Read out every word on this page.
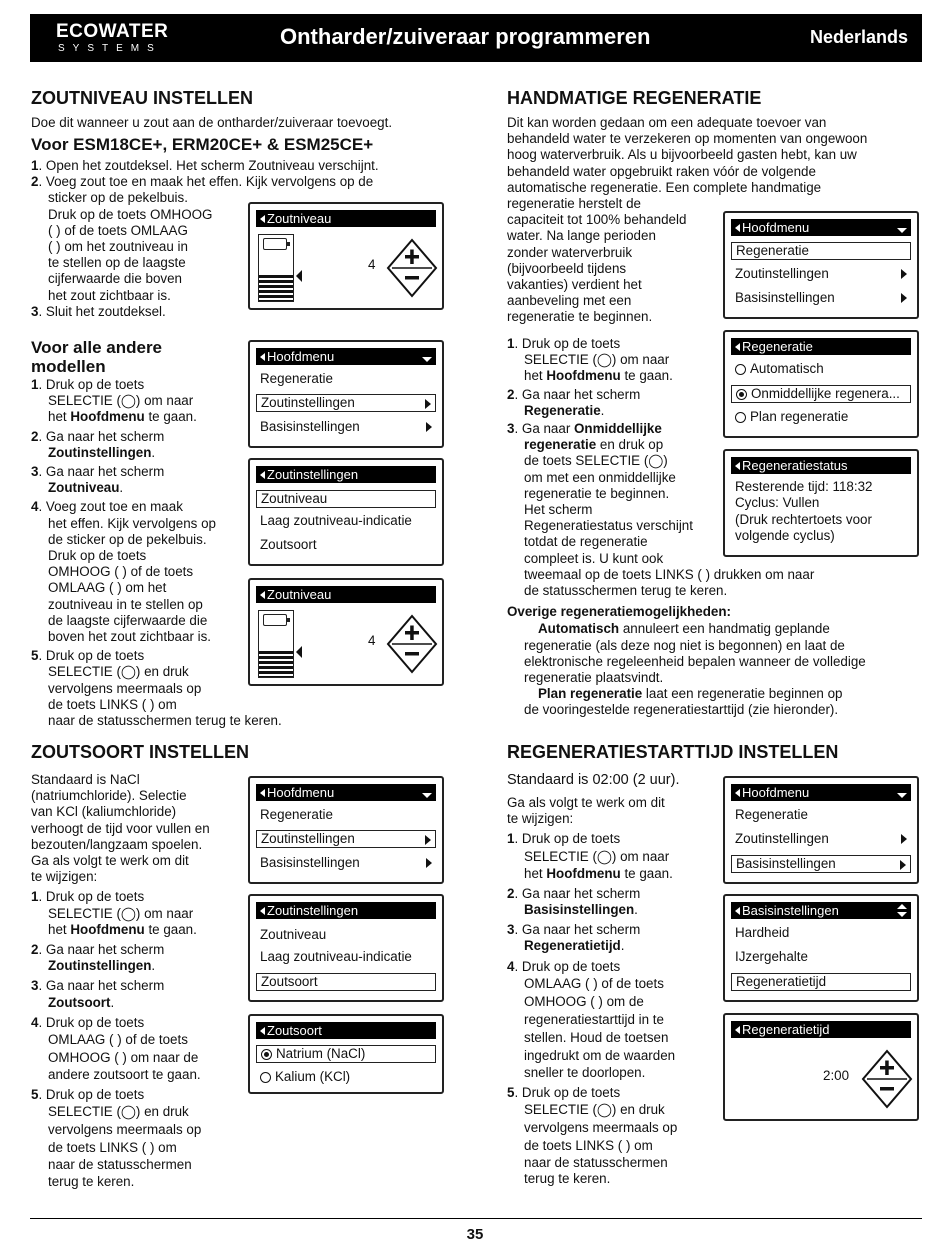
ECOWATER
SYSTEMS	Ontharder/zuiveraar programmeren	Nederlands
ZOUTNIVEAU INSTELLEN
Doe dit wanneer u zout aan de ontharder/zuiveraar toevoegt.
Voor ESM18CE+, ERM20CE+ & ESM25CE+
1. Open het zoutdeksel. Het scherm Zoutniveau verschijnt.
2. Voeg zout toe en maak het effen. Kijk vervolgens op de
sticker op de pekelbuis.
Druk op de toets OMHOOG
( ) of de toets OMLAAG
( ) om het zoutniveau in
te stellen op de laagste
cijferwaarde die boven
het zout zichtbaar is.
3. Sluit het zoutdeksel.
Zoutniveau
4
Voor alle andere
modellen
1. Druk op de toets
SELECTIE (◯) om naar
het Hoofdmenu te gaan.
2. Ga naar het scherm
Zoutinstellingen.
3. Ga naar het scherm
Zoutniveau.
4. Voeg zout toe en maak
het effen. Kijk vervolgens op
de sticker op de pekelbuis.
Druk op de toets
OMHOOG ( ) of de toets
OMLAAG ( ) om het
zoutniveau in te stellen op
de laagste cijferwaarde die
boven het zout zichtbaar is.
5. Druk op de toets
SELECTIE (◯) en druk
vervolgens meermaals op
de toets LINKS ( ) om
naar de statusschermen terug te keren.
Hoofdmenu
Regeneratie
Zoutinstellingen
Basisinstellingen
Zoutinstellingen
Zoutniveau
Laag zoutniveau-indicatie
Zoutsoort
Zoutniveau
4
ZOUTSOORT INSTELLEN
Standaard is NaCl
(natriumchloride). Selectie
van KCl (kaliumchloride)
verhoogt de tijd voor vullen en
bezouten/langzaam spoelen.
Ga als volgt te werk om dit
te wijzigen:
1. Druk op de toets
SELECTIE (◯) om naar
het Hoofdmenu te gaan.
2. Ga naar het scherm
Zoutinstellingen.
3. Ga naar het scherm
Zoutsoort.
4. Druk op de toets
OMLAAG ( ) of de toets
OMHOOG ( ) om naar de
andere zoutsoort te gaan.
5. Druk op de toets
SELECTIE (◯) en druk
vervolgens meermaals op
de toets LINKS ( ) om
naar de statusschermen
terug te keren.
Hoofdmenu
Regeneratie
Zoutinstellingen
Basisinstellingen
Zoutinstellingen
Zoutniveau
Laag zoutniveau-indicatie
Zoutsoort
Zoutsoort
Natrium (NaCl)
Kalium (KCl)
HANDMATIGE REGENERATIE
Dit kan worden gedaan om een adequate toevoer van
behandeld water te verzekeren op momenten van ongewoon
hoog waterverbruik. Als u bijvoorbeeld gasten hebt, kan uw
behandeld water opgebruikt raken vóór de volgende
automatische regeneratie. Een complete handmatige
regeneratie herstelt de
capaciteit tot 100% behandeld
water. Na lange perioden
zonder waterverbruik
(bijvoorbeeld tijdens
vakanties) verdient het
aanbeveling met een
regeneratie te beginnen.
1. Druk op de toets
SELECTIE (◯) om naar
het Hoofdmenu te gaan.
2. Ga naar het scherm
Regeneratie.
3. Ga naar Onmiddellijke
regeneratie en druk op
de toets SELECTIE (◯)
om met een onmiddellijke
regeneratie te beginnen.
Het scherm
Regeneratiestatus verschijnt
totdat de regeneratie
compleet is. U kunt ook
tweemaal op de toets LINKS ( ) drukken om naar
de statusschermen terug te keren.
Overige regeneratiemogelijkheden:
Automatisch annuleert een handmatig geplande
regeneratie (als deze nog niet is begonnen) en laat de
elektronische regeleenheid bepalen wanneer de volledige
regeneratie plaatsvindt.
Plan regeneratie laat een regeneratie beginnen op
de vooringestelde regeneratiestarttijd (zie hieronder).
Hoofdmenu
Regeneratie
Zoutinstellingen
Basisinstellingen
Regeneratie
Automatisch
Onmiddellijke regenera...
Plan regeneratie
Regeneratiestatus
Resterende tijd: 118:32
Cyclus: Vullen
(Druk rechtertoets voor
volgende cyclus)
REGENERATIESTARTTIJD INSTELLEN
Standaard is 02:00 (2 uur).
Ga als volgt te werk om dit
te wijzigen:
1. Druk op de toets
SELECTIE (◯) om naar
het Hoofdmenu te gaan.
2. Ga naar het scherm
Basisinstellingen.
3. Ga naar het scherm
Regeneratietijd.
4. Druk op de toets
OMLAAG ( ) of de toets
OMHOOG ( ) om de
regeneratiestarttijd in te
stellen. Houd de toetsen
ingedrukt om de waarden
sneller te doorlopen.
5. Druk op de toets
SELECTIE (◯) en druk
vervolgens meermaals op
de toets LINKS ( ) om
naar de statusschermen
terug te keren.
Hoofdmenu
Regeneratie
Zoutinstellingen
Basisinstellingen
Basisinstellingen
Hardheid
IJzergehalte
Regeneratietijd
Regeneratietijd
2:00
35
